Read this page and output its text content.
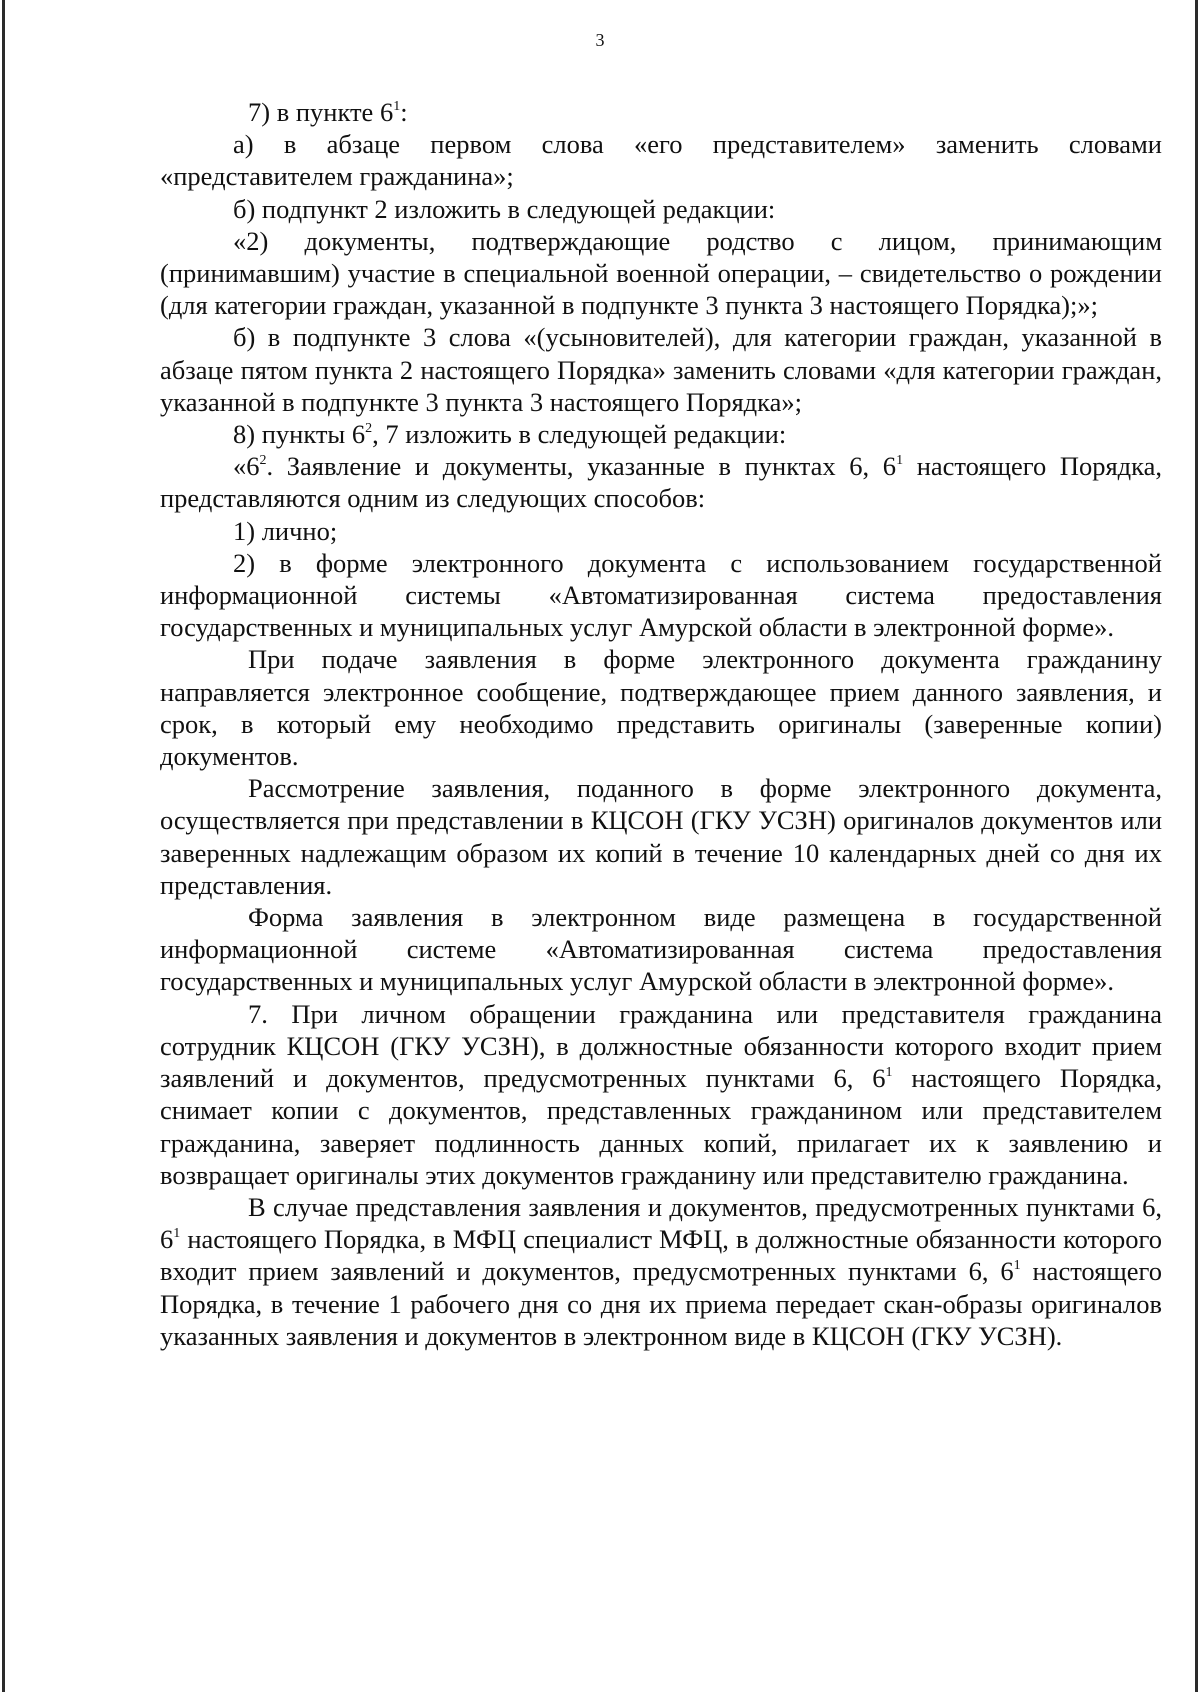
3

7) в пункте $6^1$:

а) в абзаце первом слова «его представителем» заменить словами «представителем гражданина»;

б) подпункт 2 изложить в следующей редакции:

«2) документы, подтверждающие родство с лицом, принимающим (принимавшим) участие в специальной военной операции, – свидетельство о рождении (для категории граждан, указанной в подпункте 3 пункта 3 настоящего Порядка);»;

б) в подпункте 3 слова «(усыновителей), для категории граждан, указанной в абзаце пятом пункта 2 настоящего Порядка» заменить словами «для категории граждан, указанной в подпункте 3 пункта 3 настоящего Порядка»;

8) пункты $6^2$, 7 изложить в следующей редакции:

«$6^2$. Заявление и документы, указанные в пунктах 6, $6^1$ настоящего Порядка, представляются одним из следующих способов:

1) лично;

2) в форме электронного документа с использованием государственной информационной системы «Автоматизированная система предоставления государственных и муниципальных услуг Амурской области в электронной форме».

При подаче заявления в форме электронного документа гражданину направляется электронное сообщение, подтверждающее прием данного заявления, и срок, в который ему необходимо представить оригиналы (заверенные копии) документов.

Рассмотрение заявления, поданного в форме электронного документа, осуществляется при представлении в КЦСОН (ГКУ УСЗН) оригиналов документов или заверенных надлежащим образом их копий в течение 10 календарных дней со дня их представления.

Форма заявления в электронном виде размещена в государственной информационной системе «Автоматизированная система предоставления государственных и муниципальных услуг Амурской области в электронной форме».

7. При личном обращении гражданина или представителя гражданина сотрудник КЦСОН (ГКУ УСЗН), в должностные обязанности которого входит прием заявлений и документов, предусмотренных пунктами 6, $6^1$ настоящего Порядка, снимает копии с документов, представленных гражданином или представителем гражданина, заверяет подлинность данных копий, прилагает их к заявлению и возвращает оригиналы этих документов гражданину или представителю гражданина.

В случае представления заявления и документов, предусмотренных пунктами 6, $6^1$ настоящего Порядка, в МФЦ специалист МФЦ, в должностные обязанности которого входит прием заявлений и документов, предусмотренных пунктами 6, $6^1$ настоящего Порядка, в течение 1 рабочего дня со дня их приема передает скан-образы оригиналов указанных заявления и документов в электронном виде в КЦСОН (ГКУ УСЗН).
